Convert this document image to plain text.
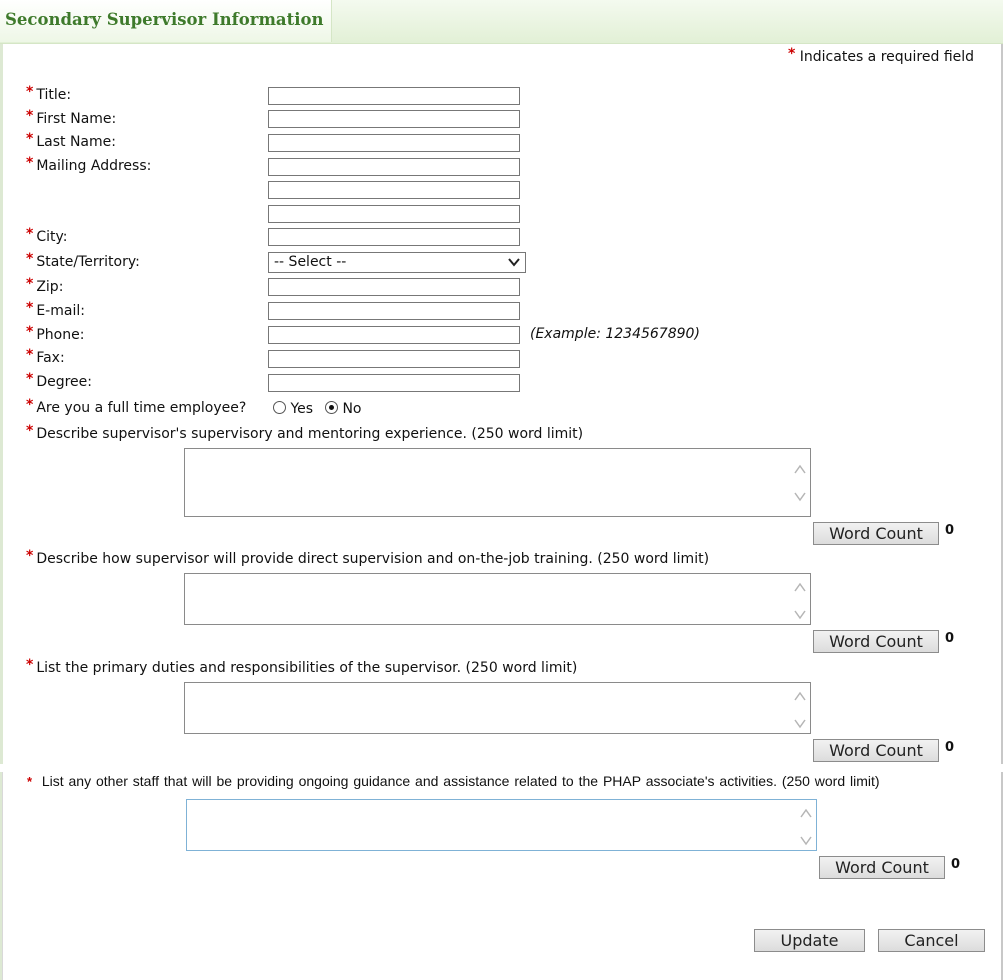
Secondary Supervisor Information
* Indicates a required field
* Title:
* First Name:
* Last Name:
* Mailing Address:
* City:
* State/Territory:	-- Select --
* Zip:
* E-mail:
* Phone:	(Example: 1234567890)
* Fax:
* Degree:
* Are you a full time employee?	Yes	No
* Describe supervisor's supervisory and mentoring experience. (250 word limit)
Word Count	0
* Describe how supervisor will provide direct supervision and on-the-job training. (250 word limit)
Word Count	0
* List the primary duties and responsibilities of the supervisor. (250 word limit)
Word Count	0
* List any other staff that will be providing ongoing guidance and assistance related to the PHAP associate's activities. (250 word limit)
Word Count	0
Update	Cancel
